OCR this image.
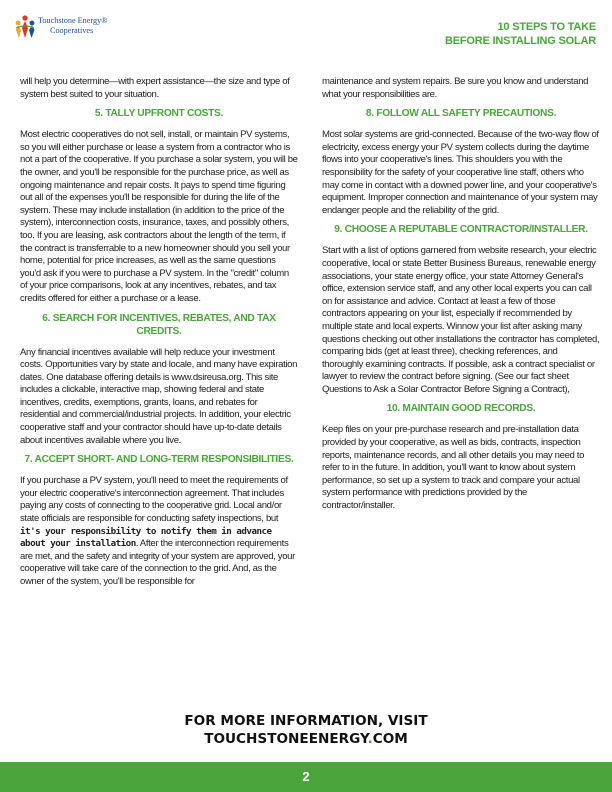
Touchstone Energy®
Cooperatives	10 STEPS TO TAKE
BEFORE INSTALLING SOLAR

will help you determine—with expert assistance—the size and type of system best suited to your situation.

5. TALLY UPFRONT COSTS.

Most electric cooperatives do not sell, install, or maintain PV systems, so you will either purchase or lease a system from a contractor who is not a part of the cooperative. If you purchase a solar system, you will be the owner, and you'll be responsible for the purchase price, as well as ongoing maintenance and repair costs. It pays to spend time figuring out all of the expenses you'll be responsible for during the life of the system. These may include installation (in addition to the price of the system), interconnection costs, insurance, taxes, and possibly others, too. If you are leasing, ask contractors about the length of the term, if the contract is transferrable to a new homeowner should you sell your home, potential for price increases, as well as the same questions you'd ask if you were to purchase a PV system. In the "credit" column of your price comparisons, look at any incentives, rebates, and tax credits offered for either a purchase or a lease.

6. SEARCH FOR INCENTIVES, REBATES, AND TAX CREDITS.

Any financial incentives available will help reduce your investment costs. Opportunities vary by state and locale, and many have expiration dates. One database offering details is www.dsireusa.org. This site includes a clickable, interactive map, showing federal and state incentives, credits, exemptions, grants, loans, and rebates for residential and commercial/industrial projects. In addition, your electric cooperative staff and your contractor should have up-to-date details about incentives available where you live.

7. ACCEPT SHORT- AND LONG-TERM RESPONSIBILITIES.

If you purchase a PV system, you'll need to meet the requirements of your electric cooperative's interconnection agreement. That includes paying any costs of connecting to the cooperative grid. Local and/or state officials are responsible for conducting safety inspections, but it's your responsibility to notify them in advance about your installation. After the interconnection requirements are met, and the safety and integrity of your system are approved, your cooperative will take care of the connection to the grid. And, as the owner of the system, you'll be responsible for

maintenance and system repairs. Be sure you know and understand what your responsibilities are.

8. FOLLOW ALL SAFETY PRECAUTIONS.

Most solar systems are grid-connected. Because of the two-way flow of electricity, excess energy your PV system collects during the daytime flows into your cooperative's lines. This shoulders you with the responsibility for the safety of your cooperative line staff, others who may come in contact with a downed power line, and your cooperative's equipment. Improper connection and maintenance of your system may endanger people and the reliability of the grid.

9. CHOOSE A REPUTABLE CONTRACTOR/INSTALLER.

Start with a list of options garnered from website research, your electric cooperative, local or state Better Business Bureaus, renewable energy associations, your state energy office, your state Attorney General's office, extension service staff, and any other local experts you can call on for assistance and advice. Contact at least a few of those contractors appearing on your list, especially if recommended by multiple state and local experts. Winnow your list after asking many questions checking out other installations the contractor has completed, comparing bids (get at least three), checking references, and thoroughly examining contracts. If possible, ask a contract specialist or lawyer to review the contract before signing. (See our fact sheet Questions to Ask a Solar Contractor Before Signing a Contract),

10. MAINTAIN GOOD RECORDS.

Keep files on your pre-purchase research and pre-installation data provided by your cooperative, as well as bids, contracts, inspection reports, maintenance records, and all other details you may need to refer to in the future. In addition, you'll want to know about system performance, so set up a system to track and compare your actual system performance with predictions provided by the contractor/installer.

FOR MORE INFORMATION, VISIT
TOUCHSTONEENERGY.COM
2
